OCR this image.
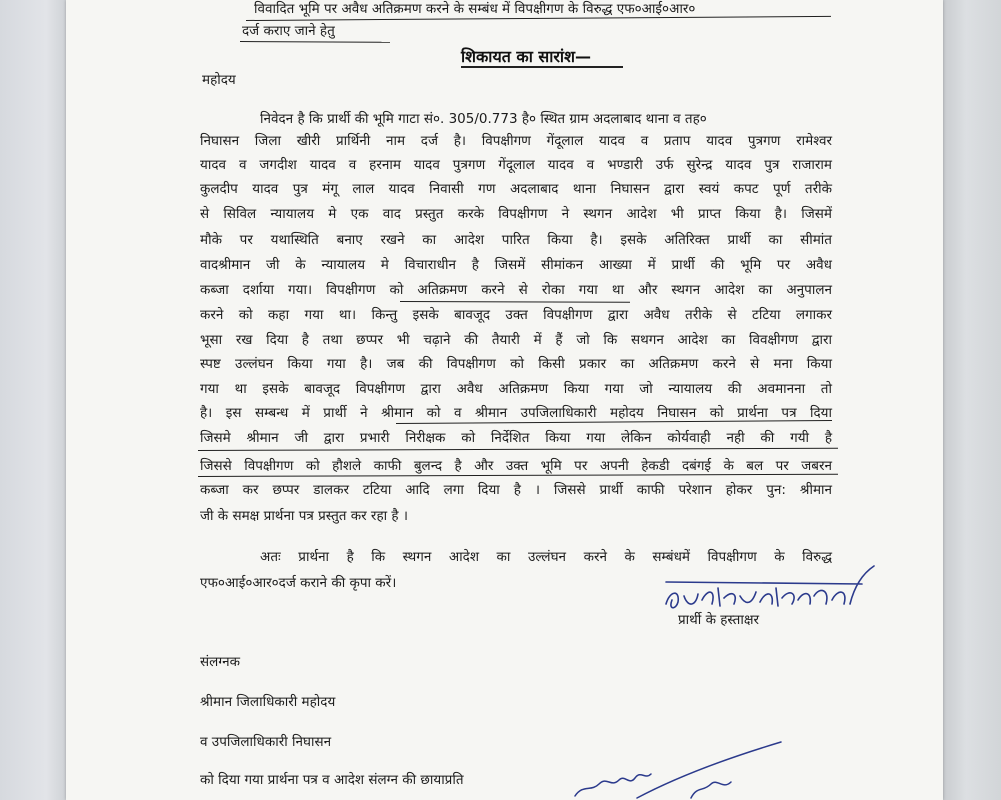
विवादित भूमि पर अवैध अतिक्रमण करने के सम्बंध में विपक्षीगण के विरुद्ध एफ०आई०आर०
दर्ज कराए जाने हेतु
शिकायत का सारांश—
महोदय
निवेदन है कि प्रार्थी की भूमि गाटा सं०. 305/0.773 है० स्थित ग्राम अदलाबाद थाना व तह०
निघासन जिला खीरी प्रार्थिनी नाम दर्ज है। विपक्षीगण गेंदूलाल यादव व प्रताप यादव पुत्रगण रामेश्वर
यादव व जगदीश यादव व हरनाम यादव पुत्रगण गेंदूलाल यादव व भण्डारी उर्फ सुरेन्द्र यादव पुत्र राजाराम
कुलदीप यादव पुत्र मंगू लाल यादव निवासी गण अदलाबाद थाना निघासन द्वारा स्वयं कपट पूर्ण तरीके
से सिविल न्यायालय मे एक वाद प्रस्तुत करके विपक्षीगण ने स्थगन आदेश भी प्राप्त किया है। जिसमें
मौके पर यथास्थिति बनाए रखने का आदेश पारित किया है। इसके अतिरिक्त प्रार्थी का सीमांत
वादश्रीमान जी के न्यायालय मे विचाराधीन है जिसमें सीमांकन आख्या में प्रार्थी की भूमि पर अवैध
कब्जा दर्शाया गया। विपक्षीगण को अतिक्रमण करने से रोका गया था और स्थगन आदेश का अनुपालन
करने को कहा गया था। किन्तु इसके बावजूद उक्त विपक्षीगण द्वारा अवैध तरीके से टटिया लगाकर
भूसा रख दिया है तथा छप्पर भी चढ़ाने की तैयारी में हैं जो कि सथगन आदेश का विवक्षीगण द्वारा
स्पष्ट उल्लंघन किया गया है। जब की विपक्षीगण को किसी प्रकार का अतिक्रमण करने से मना किया
गया था इसके बावजूद विपक्षीगण द्वारा अवैध अतिक्रमण किया गया जो न्यायालय की अवमानना तो
है। इस सम्बन्ध में प्रार्थी ने श्रीमान को व श्रीमान उपजिलाधिकारी महोदय निघासन को प्रार्थना पत्र दिया
जिसमे श्रीमान जी द्वारा प्रभारी निरीक्षक को निर्देशित किया गया लेकिन कोर्यवाही नही की गयी है
जिससे विपक्षीगण को हौशले काफी बुलन्द है और उक्त भूमि पर अपनी हेकडी दबंगई के बल पर जबरन
कब्जा कर छप्पर डालकर टटिया आदि लगा दिया है । जिससे प्रार्थी काफी परेशान होकर पुन: श्रीमान
जी के समक्ष प्रार्थना पत्र प्रस्तुत कर रहा है ।
अतः प्रार्थना है कि स्थगन आदेश का उल्लंघन करने के सम्बंधमें विपक्षीगण के विरुद्ध
एफ०आई०आर०दर्ज कराने की कृपा करें।
प्रार्थी के हस्ताक्षर
संलग्नक
श्रीमान जिलाधिकारी महोदय
व उपजिलाधिकारी निघासन
को दिया गया प्रार्थना पत्र व आदेश संलग्न की छायाप्रति
